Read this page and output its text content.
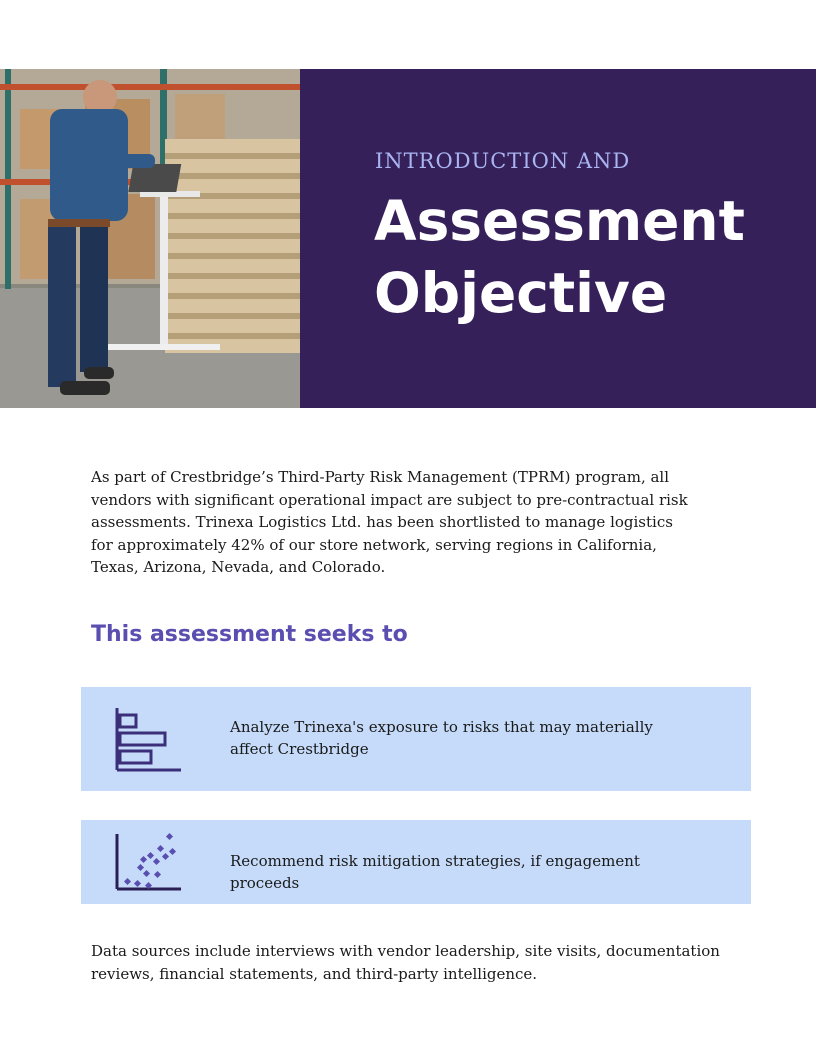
INTRODUCTION AND
Assessment
Objective

As part of Crestbridge’s Third-Party Risk Management (TPRM) program, all vendors with significant operational impact are subject to pre-contractual risk assessments. Trinexa Logistics Ltd. has been shortlisted to manage logistics for approximately 42% of our store network, serving regions in California, Texas, Arizona, Nevada, and Colorado.

This assessment seeks to
Analyze Trinexa's exposure to risks that may materially affect Crestbridge
Recommend risk mitigation strategies, if engagement proceeds

Data sources include interviews with vendor leadership, site visits, documentation reviews, financial statements, and third-party intelligence.
